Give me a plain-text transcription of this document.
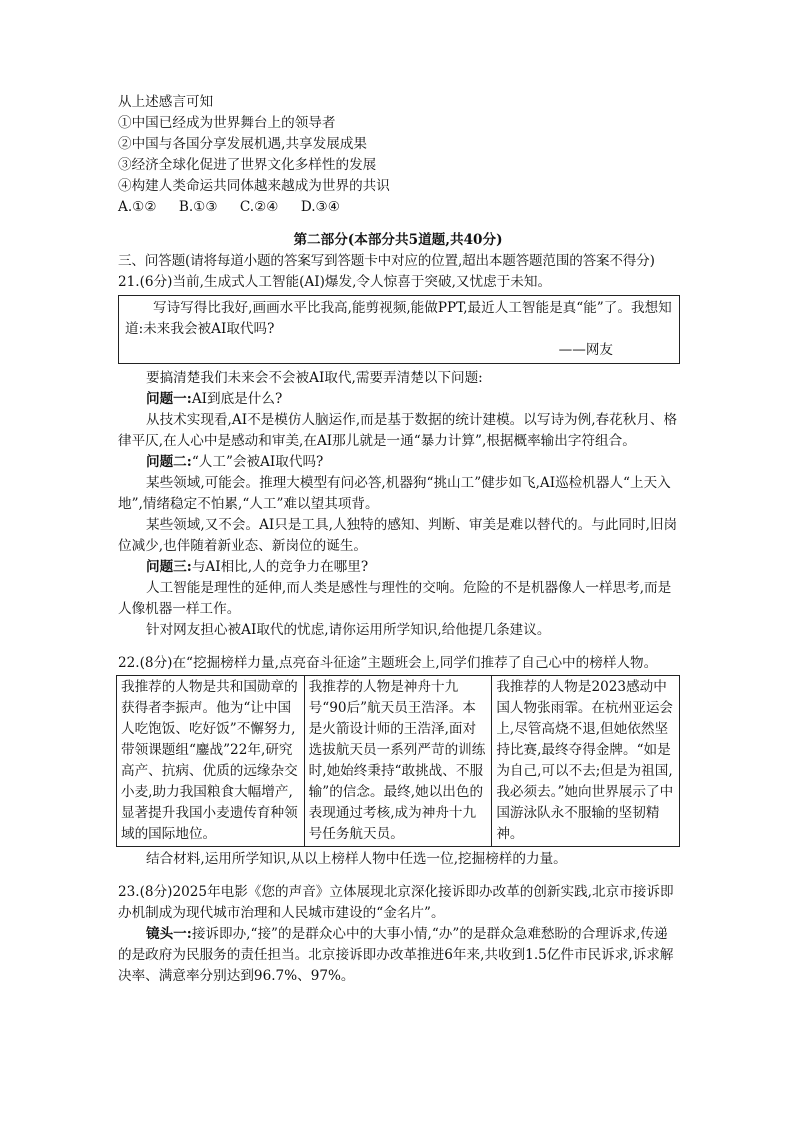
从上述感言可知
①中国已经成为世界舞台上的领导者
②中国与各国分享发展机遇,共享发展成果
③经济全球化促进了世界文化多样性的发展
④构建人类命运共同体越来越成为世界的共识
A.①② B.①③ C.②④ D.③④
第二部分(本部分共5道题,共40分)
三、问答题(请将每道小题的答案写到答题卡中对应的位置,超出本题答题范围的答案不得分)
21.(6分)当前,生成式人工智能(AI)爆发,令人惊喜于突破,又忧虑于未知。
写诗写得比我好,画画水平比我高,能剪视频,能做PPT,最近人工智能是真“能”了。我想知道:未来我会被AI取代吗?
——网友
要搞清楚我们未来会不会被AI取代,需要弄清楚以下问题:
问题一:AI到底是什么?
从技术实现看,AI不是模仿人脑运作,而是基于数据的统计建模。以写诗为例,春花秋月、格律平仄,在人心中是感动和审美,在AI那儿就是一通“暴力计算”,根据概率输出字符组合。
问题二:“人工”会被AI取代吗?
某些领域,可能会。推理大模型有问必答,机器狗“挑山工”健步如飞,AI巡检机器人“上天入地”,情绪稳定不怕累,“人工”难以望其项背。
某些领域,又不会。AI只是工具,人独特的感知、判断、审美是难以替代的。与此同时,旧岗位减少,也伴随着新业态、新岗位的诞生。
问题三:与AI相比,人的竞争力在哪里?
人工智能是理性的延伸,而人类是感性与理性的交响。危险的不是机器像人一样思考,而是人像机器一样工作。
针对网友担心被AI取代的忧虑,请你运用所学知识,给他提几条建议。
22.(8分)在“挖掘榜样力量,点亮奋斗征途”主题班会上,同学们推荐了自己心中的榜样人物。
我推荐的人物是共和国勋章的获得者李振声。他为“让中国人吃饱饭、吃好饭”不懈努力,带领课题组“鏖战”22年,研究高产、抗病、优质的远缘杂交小麦,助力我国粮食大幅增产,显著提升我国小麦遗传育种领域的国际地位。

我推荐的人物是神舟十九号“90后”航天员王浩泽。本是火箭设计师的王浩泽,面对选拔航天员一系列严苛的训练时,她始终秉持“敢挑战、不服输”的信念。最终,她以出色的表现通过考核,成为神舟十九号任务航天员。

我推荐的人物是2023感动中国人物张雨霏。在杭州亚运会上,尽管高烧不退,但她依然坚持比赛,最终夺得金牌。“如是为自己,可以不去;但是为祖国,我必须去。”她向世界展示了中国游泳队永不服输的坚韧精神。
结合材料,运用所学知识,从以上榜样人物中任选一位,挖掘榜样的力量。
23.(8分)2025年电影《您的声音》立体展现北京深化接诉即办改革的创新实践,北京市接诉即办机制成为现代城市治理和人民城市建设的“金名片”。
镜头一:接诉即办,“接”的是群众心中的大事小情,“办”的是群众急难愁盼的合理诉求,传递的是政府为民服务的责任担当。北京接诉即办改革推进6年来,共收到1.5亿件市民诉求,诉求解决率、满意率分别达到96.7%、97%。
